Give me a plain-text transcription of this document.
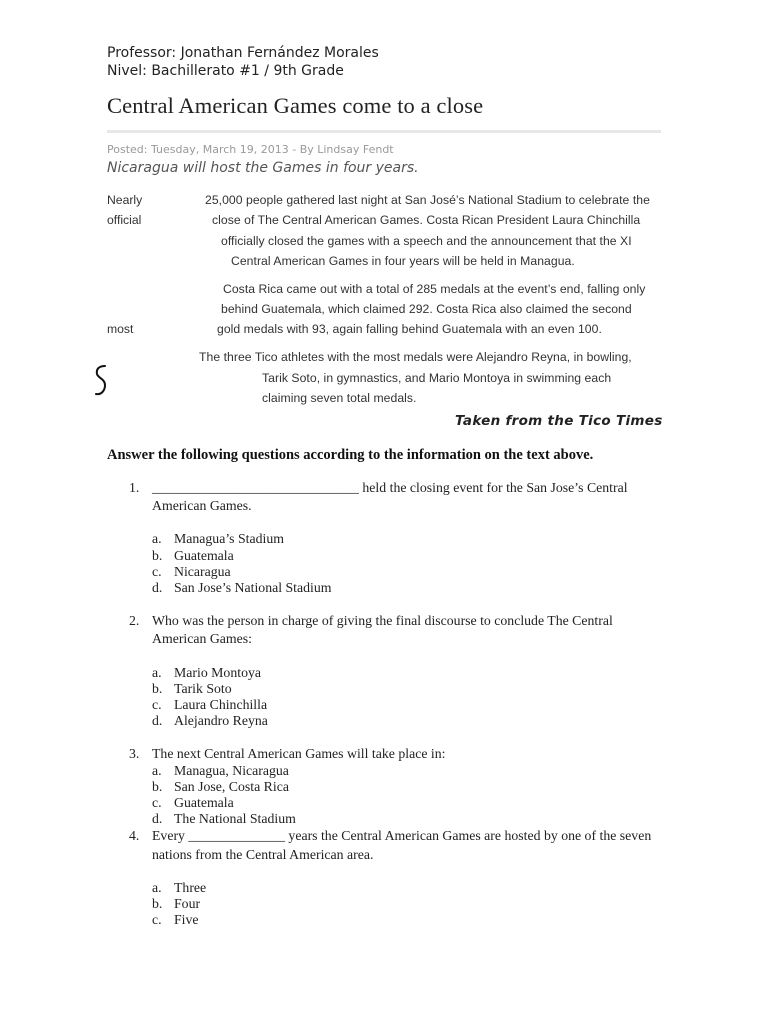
Professor: Jonathan Fernández Morales
Nivel: Bachillerato #1 / 9th Grade
Central American Games come to a close
Posted: Tuesday, March 19, 2013 - By Lindsay Fendt
Nicaragua will host the Games in four years.
Nearly
official
most
25,000 people gathered last night at San José’s National Stadium to celebrate the
close of The Central American Games. Costa Rican President Laura Chinchilla
officially closed the games with a speech and the announcement that the XI
Central American Games in four years will be held in Managua.
Costa Rica came out with a total of 285 medals at the event’s end, falling only
behind Guatemala, which claimed 292. Costa Rica also claimed the second
gold medals with 93, again falling behind Guatemala with an even 100.
The three Tico athletes with the most medals were Alejandro Reyna, in bowling,
Tarik Soto, in gymnastics, and Mario Montoya in swimming each
claiming seven total medals.
Taken from the Tico Times
Answer the following questions according to the information on the text above.
1. ______________________________ held the closing event for the San Jose’s Central
American Games.
a. Managua’s Stadium
b. Guatemala
c. Nicaragua
d. San Jose’s National Stadium
2. Who was the person in charge of giving the final discourse to conclude The Central
American Games:
a. Mario Montoya
b. Tarik Soto
c. Laura Chinchilla
d. Alejandro Reyna
3. The next Central American Games will take place in:
a. Managua, Nicaragua
b. San Jose, Costa Rica
c. Guatemala
d. The National Stadium
4. Every ______________ years the Central American Games are hosted by one of the seven
nations from the Central American area.
a. Three
b. Four
c. Five
